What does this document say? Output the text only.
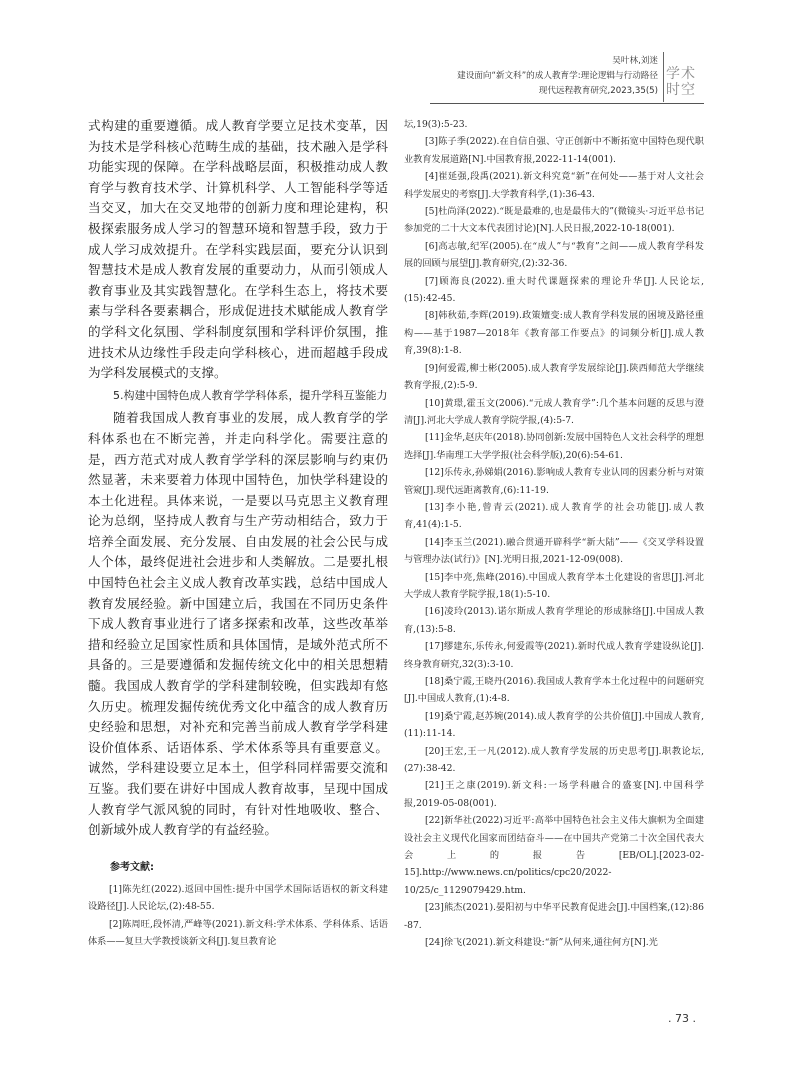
吴叶林,刘迷
建设面向“新文科”的成人教育学:理论逻辑与行动路径
现代远程教育研究,2023,35(5)
学术
时空

式构建的重要遵循。成人教育学要立足技术变革，因为技术是学科核心范畴生成的基础，技术融入是学科功能实现的保障。在学科战略层面，积极推动成人教育学与教育技术学、计算机科学、人工智能科学等适当交叉，加大在交叉地带的创新力度和理论建构，积极探索服务成人学习的智慧环境和智慧手段，致力于成人学习成效提升。在学科实践层面，要充分认识到智慧技术是成人教育发展的重要动力，从而引领成人教育事业及其实践智慧化。在学科生态上，将技术要素与学科各要素耦合，形成促进技术赋能成人教育学的学科文化氛围、学科制度氛围和学科评价氛围，推进技术从边缘性手段走向学科核心，进而超越手段成为学科发展模式的支撑。

5.构建中国特色成人教育学学科体系，提升学科互鉴能力

随着我国成人教育事业的发展，成人教育学的学科体系也在不断完善，并走向科学化。需要注意的是，西方范式对成人教育学学科的深层影响与约束仍然显著，未来要着力体现中国特色，加快学科建设的本土化进程。具体来说，一是要以马克思主义教育理论为总纲，坚持成人教育与生产劳动相结合，致力于培养全面发展、充分发展、自由发展的社会公民与成人个体，最终促进社会进步和人类解放。二是要扎根中国特色社会主义成人教育改革实践，总结中国成人教育发展经验。新中国建立后，我国在不同历史条件下成人教育事业进行了诸多探索和改革，这些改革举措和经验立足国家性质和具体国情，是域外范式所不具备的。三是要遵循和发掘传统文化中的相关思想精髓。我国成人教育学的学科建制较晚，但实践却有悠久历史。梳理发掘传统优秀文化中蕴含的成人教育历史经验和思想，对补充和完善当前成人教育学学科建设价值体系、话语体系、学术体系等具有重要意义。诚然，学科建设要立足本土，但学科同样需要交流和互鉴。我们要在讲好中国成人教育故事，呈现中国成人教育学气派风貌的同时，有针对性地吸收、整合、创新域外成人教育学的有益经验。

参考文献:

[1]陈先红(2022).返回中国性:提升中国学术国际话语权的新文科建设路径[J].人民论坛,(2):48-55.

[2]陈周旺,段怀清,严峰等(2021).新文科:学术体系、学科体系、话语体系——复旦大学教授谈新文科[J].复旦教育论

坛,19(3):5-23.

[3]陈子季(2022).在自信自强、守正创新中不断拓宽中国特色现代职业教育发展道路[N].中国教育报,2022-11-14(001).

[4]崔延强,段禹(2021).新文科究竟“新”在何处——基于对人文社会科学发展史的考察[J].大学教育科学,(1):36-43.

[5]杜尚泽(2022).“既是最难的,也是最伟大的”(微镜头·习近平总书记参加党的二十大文本代表团讨论)[N].人民日报,2022-10-18(001).

[6]高志敏,纪军(2005).在“成人”与“教育”之间——成人教育学科发展的回顾与展望[J].教育研究,(2):32-36.

[7]顾海良(2022).重大时代课题探索的理论升华[J].人民论坛,(15):42-45.

[8]韩秋茹,李辉(2019).政策嬗变:成人教育学科发展的困境及路径重构——基于1987—2018年《教育部工作要点》的词频分析[J].成人教育,39(8):1-8.

[9]何爱霞,柳士彬(2005).成人教育学发展综论[J].陕西师范大学继续教育学报,(2):5-9.

[10]黄璟,霍玉文(2006).“元成人教育学”:几个基本问题的反思与澄清[J].河北大学成人教育学院学报,(4):5-7.

[11]金华,赵庆年(2018).协同创新:发展中国特色人文社会科学的理想选择[J].华南理工大学学报(社会科学版),20(6):54-61.

[12]乐传永,孙娣娟(2016).影响成人教育专业认同的因素分析与对策管窥[J].现代远距离教育,(6):11-19.

[13]李小艳,曾青云(2021).成人教育学的社会功能[J].成人教育,41(4):1-5.

[14]李玉兰(2021).融合贯通开辟科学“新大陆”——《交叉学科设置与管理办法(试行)》[N].光明日报,2021-12-09(008).

[15]李中亮,焦峰(2016).中国成人教育学本土化建设的省思[J].河北大学成人教育学院学报,18(1):5-10.

[16]凌玲(2013).诺尔斯成人教育学理论的形成脉络[J].中国成人教育,(13):5-8.

[17]缪建东,乐传永,何爱霞等(2021).新时代成人教育学建设纵论[J].终身教育研究,32(3):3-10.

[18]桑宁霞,王晓丹(2016).我国成人教育学本土化过程中的问题研究[J].中国成人教育,(1):4-8.

[19]桑宁霞,赵苏婉(2014).成人教育学的公共价值[J].中国成人教育,(11):11-14.

[20]王宏,王一凡(2012).成人教育学发展的历史思考[J].职教论坛,(27):38-42.

[21]王之康(2019).新文科:一场学科融合的盛宴[N].中国科学报,2019-05-08(001).

[22]新华社(2022)习近平:高举中国特色社会主义伟大旗帜为全面建设社会主义现代化国家而团结奋斗——在中国共产党第二十次全国代表大会上的报告[EB/OL].[2023-02-15].http://www.news.cn/politics/cpc20/2022-10/25/c_1129079429.htm.

[23]熊杰(2021).晏阳初与中华平民教育促进会[J].中国档案,(12):86-87.

[24]徐飞(2021).新文科建设:“新”从何来,通往何方[N].光

. 73 .
